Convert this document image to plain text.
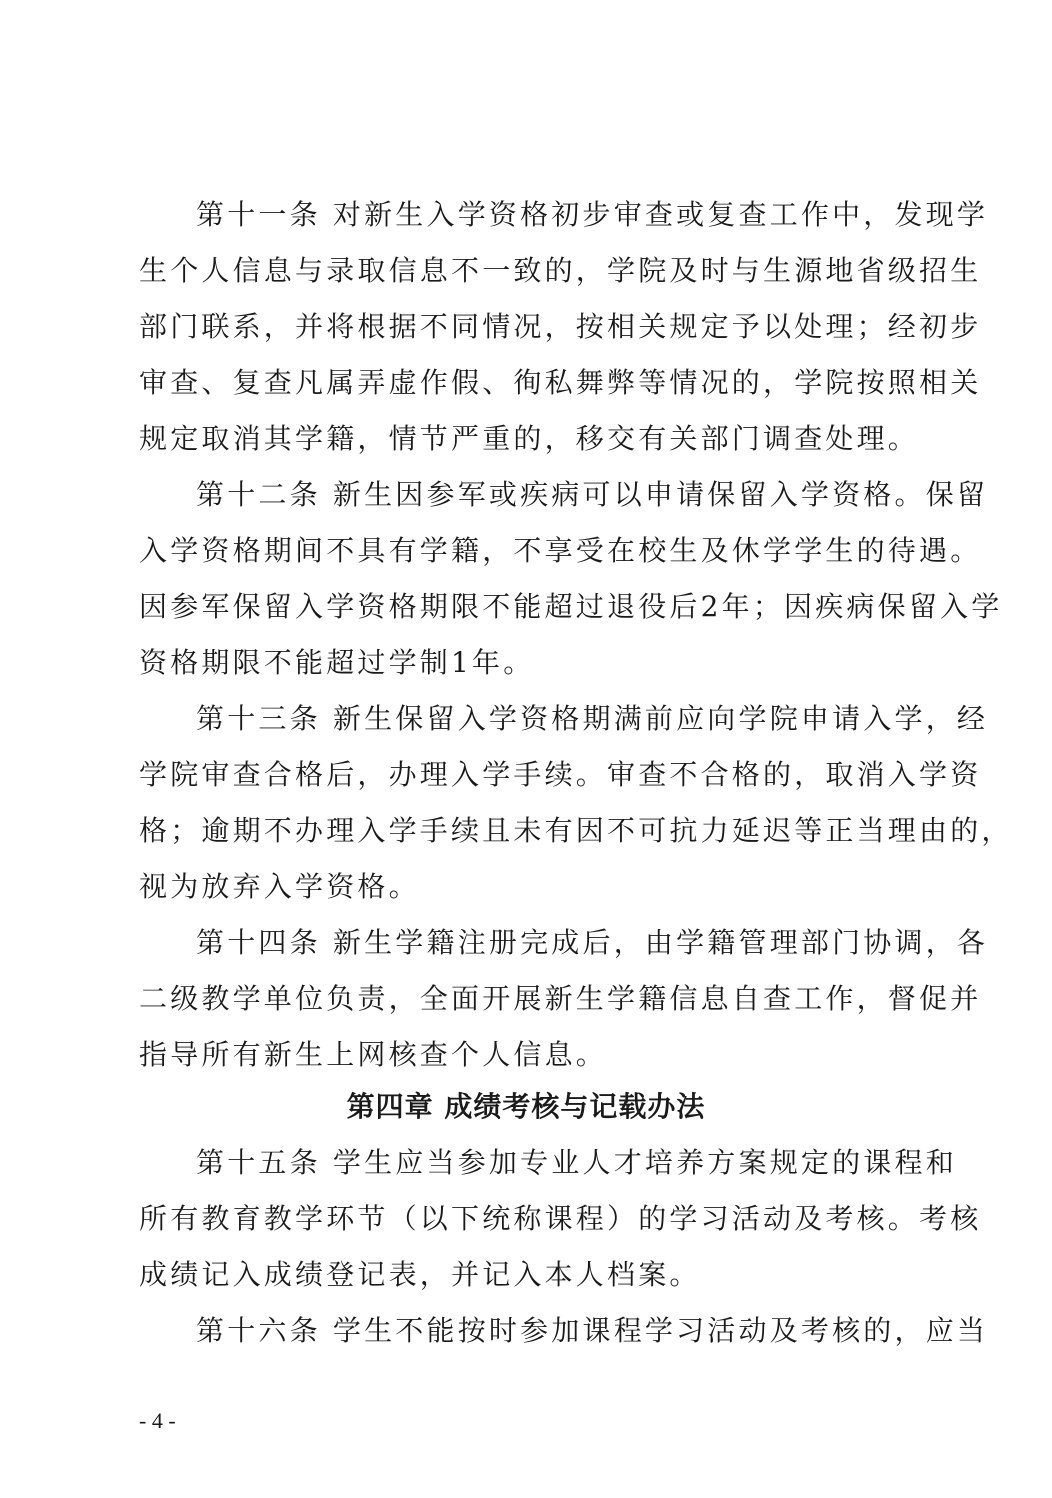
第十一条 对新生入学资格初步审查或复查工作中，发现学
生个人信息与录取信息不一致的，学院及时与生源地省级招生
部门联系，并将根据不同情况，按相关规定予以处理；经初步
审查、复查凡属弄虚作假、徇私舞弊等情况的，学院按照相关
规定取消其学籍，情节严重的，移交有关部门调查处理。
第十二条 新生因参军或疾病可以申请保留入学资格。保留
入学资格期间不具有学籍，不享受在校生及休学学生的待遇。
因参军保留入学资格期限不能超过退役后2年；因疾病保留入学
资格期限不能超过学制1年。
第十三条 新生保留入学资格期满前应向学院申请入学，经
学院审查合格后，办理入学手续。审查不合格的，取消入学资
格；逾期不办理入学手续且未有因不可抗力延迟等正当理由的，
视为放弃入学资格。
第十四条 新生学籍注册完成后，由学籍管理部门协调，各
二级教学单位负责，全面开展新生学籍信息自查工作，督促并
指导所有新生上网核查个人信息。
第四章 成绩考核与记载办法
第十五条 学生应当参加专业人才培养方案规定的课程和
所有教育教学环节（以下统称课程）的学习活动及考核。考核
成绩记入成绩登记表，并记入本人档案。
第十六条 学生不能按时参加课程学习活动及考核的，应当
- 4 -
